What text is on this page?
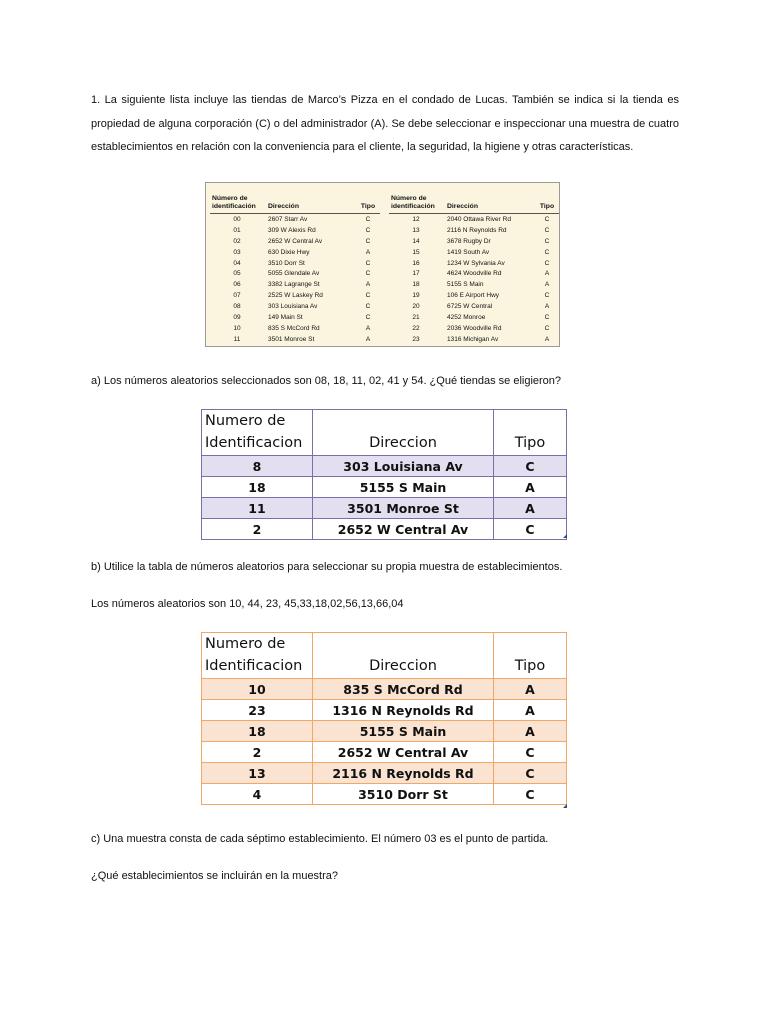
1. La siguiente lista incluye las tiendas de Marco’s Pizza en el condado de Lucas. También se indica si la tienda es propiedad de alguna corporación (C) o del administrador (A). Se debe seleccionar e inspeccionar una muestra de cuatro establecimientos en relación con la conveniencia para el cliente, la seguridad, la higiene y otras características.

Número de identificación	Dirección	Tipo
00	2607 Starr Av	C
01	309 W Alexis Rd	C
02	2652 W Central Av	C
03	630 Dixie Hwy	A
04	3510 Dorr St	C
05	5055 Glendale Av	C
06	3382 Lagrange St	A
07	2525 W Laskey Rd	C
08	303 Louisiana Av	C
09	149 Main St	C
10	835 S McCord Rd	A
11	3501 Monroe St	A
Número de identificación	Dirección	Tipo
12	2040 Ottawa River Rd	C
13	2116 N Reynolds Rd	C
14	3678 Rugby Dr	C
15	1419 South Av	C
16	1234 W Sylvania Av	C
17	4624 Woodville Rd	A
18	5155 S Main	A
19	106 E Airport Hwy	C
20	6725 W Central	A
21	4252 Monroe	C
22	2036 Woodville Rd	C
23	1316 Michigan Av	A

a) Los números aleatorios seleccionados son 08, 18, 11, 02, 41 y 54. ¿Qué tiendas se eligieron?

Numero de Identificacion	Direccion	Tipo
8	303 Louisiana Av	C
18	5155 S Main	A
11	3501 Monroe St	A
2	2652 W Central Av	C

b) Utilice la tabla de números aleatorios para seleccionar su propia muestra de establecimientos.

Los números aleatorios son 10, 44, 23, 45,33,18,02,56,13,66,04

Numero de Identificacion	Direccion	Tipo
10	835 S McCord Rd	A
23	1316 N Reynolds Rd	A
18	5155 S Main	A
2	2652 W Central Av	C
13	2116 N Reynolds Rd	C
4	3510 Dorr St	C

c) Una muestra consta de cada séptimo establecimiento. El número 03 es el punto de partida.

¿Qué establecimientos se incluirán en la muestra?
